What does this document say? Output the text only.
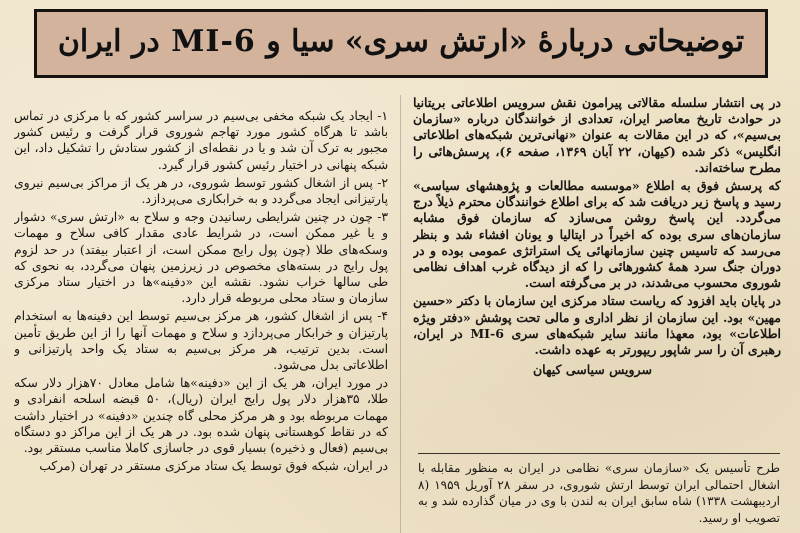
توضیحاتی دربارهٔ «ارتش سری» سیا و MI-6 در ایران

در پی انتشار سلسله مقالاتی پیرامون نقش سرویس اطلاعاتی بریتانیا در حوادث تاریخ معاصر ایران، تعدادی از خوانندگان درباره «سازمان بی‌سیم»، که در این مقالات به عنوان «نهانی‌ترین شبکه‌های اطلاعاتی انگلیس» ذکر شده (کیهان، ۲۲ آبان ۱۳۶۹، صفحه ۶)، پرسش‌هائی را مطرح ساخته‌اند.

که پرسش فوق به اطلاع «موسسه مطالعات و پژوهشهای سیاسی» رسید و پاسخ زیر دریافت شد که برای اطلاع خوانندگان محترم ذیلاً درج می‌گردد. این پاسخ روشن می‌سازد که سازمان فوق مشابه سازمان‌های سری بوده که اخیراً در ایتالیا و یونان افشاء شد و بنظر می‌رسد که تاسیس چنین سازمانهائی یک استراتژی عمومی بوده و در دوران جنگ سرد همهٔ کشورهائی را که از دیدگاه غرب اهداف نظامی شوروی محسوب می‌شدند، در بر می‌گرفته است.

در پایان باید افزود که ریاست ستاد مرکزی این سازمان با دکتر «حسین مهین» بود. این سازمان از نظر اداری و مالی تحت پوشش «دفتر ویژه اطلاعات» بود، معهذا مانند سایر شبکه‌های سری MI-6 در ایران، رهبری آن را سر شاپور ریپورتر به عهده داشت.

سرویس سیاسی کیهان

طرح تأسیس یک «سازمان سری» نظامی در ایران به منظور مقابله با اشغال احتمالی ایران توسط ارتش شوروی، در سفر ۲۸ آوریل ۱۹۵۹ (۸ اردیبهشت ۱۳۳۸) شاه سابق ایران به لندن با وی در میان گذارده شد و به تصویب او رسید.

۱- ایجاد یک شبکه مخفی بی‌سیم در سراسر کشور که با مرکزی در تماس باشد تا هرگاه کشور مورد تهاجم شوروی قرار گرفت و رئیس کشور مجبور به ترک آن شد و یا در نقطه‌ای از کشور ستادش را تشکیل داد، این شبکه پنهانی در اختیار رئیس کشور قرار گیرد.

۲- پس از اشغال کشور توسط شوروی، در هر یک از مراکز بی‌سیم نیروی پارتیزانی ایجاد می‌گردد و به خرابکاری می‌پردازد.

۳- چون در چنین شرایطی رسانیدن وجه و سلاح به «ارتش سری» دشوار و یا غیر ممکن است، در شرایط عادی مقدار کافی سلاح و مهمات وسکه‌های طلا (چون پول رایج ممکن است، از اعتبار بیفتد) در حد لزوم پول رایج در بسته‌های مخصوص در زیرزمین پنهان می‌گردد، به نحوی که طی سالها خراب نشود. نقشه این «دفینه»ها در اختیار ستاد مرکزی سازمان و ستاد محلی مربوطه قرار دارد.

۴- پس از اشغال کشور، هر مرکز بی‌سیم توسط این دفینه‌ها به استخدام پارتیزان و خرابکار می‌پردازد و سلاح و مهمات آنها را از این طریق تأمین است. بدین ترتیب، هر مرکز بی‌سیم به ستاد یک واحد پارتیزانی و اطلاعاتی بدل می‌شود.

در مورد ایران، هر یک از این «دفینه»ها شامل معادل ۷۰هزار دلار سکه طلا، ۳۵هزار دلار پول رایج ایران (ریال)، ۵۰ قبضه اسلحه انفرادی و مهمات مربوطه بود و هر مرکز محلی گاه چندین «دفینه» در اختیار داشت که در نقاط کوهستانی پنهان شده بود. در هر یک از این مراکز دو دستگاه بی‌سیم (فعال و ذخیره) بسیار قوی در جاسازی کاملا مناسب مستقر بود.

در ایران، شبکه فوق توسط یک ستاد مرکزی مستقر در تهران (مرکب
